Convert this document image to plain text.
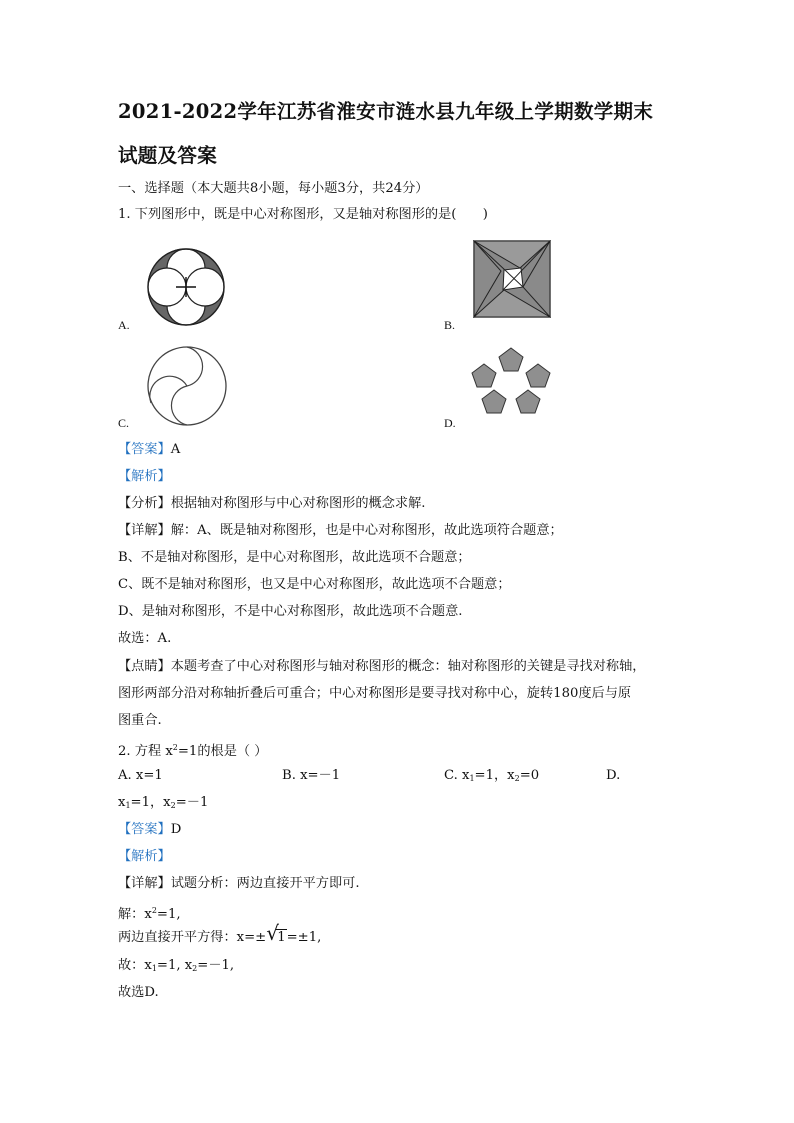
2021-2022学年江苏省淮安市涟水县九年级上学期数学期末
试题及答案
一、选择题（本大题共8小题，每小题3分，共24分）
1. 下列图形中，既是中心对称图形，又是轴对称图形的是(　　)
A.	B.
C.	D.
【答案】A
【解析】
【分析】根据轴对称图形与中心对称图形的概念求解.
【详解】解：A、既是轴对称图形，也是中心对称图形，故此选项符合题意；
B、不是轴对称图形，是中心对称图形，故此选项不合题意；
C、既不是轴对称图形，也又是中心对称图形，故此选项不合题意；
D、是轴对称图形，不是中心对称图形，故此选项不合题意.
故选：A.
【点睛】本题考查了中心对称图形与轴对称图形的概念：轴对称图形的关键是寻找对称轴，
图形两部分沿对称轴折叠后可重合；中心对称图形是要寻找对称中心，旋转180度后与原
图重合.
2. 方程 $x^2=1$的根是（ ）
A. x=1	B. x=－1	C. $x_1=1$，$x_2=0$	D.
$x_1=1$，$x_2=-1$
【答案】D
【解析】
【详解】试题分析：两边直接开平方即可.
解：$x^2=1$,
两边直接开平方得：x=± √
1=±1,
故：$x_1=1$, $x_2=-1$,
故选D.
